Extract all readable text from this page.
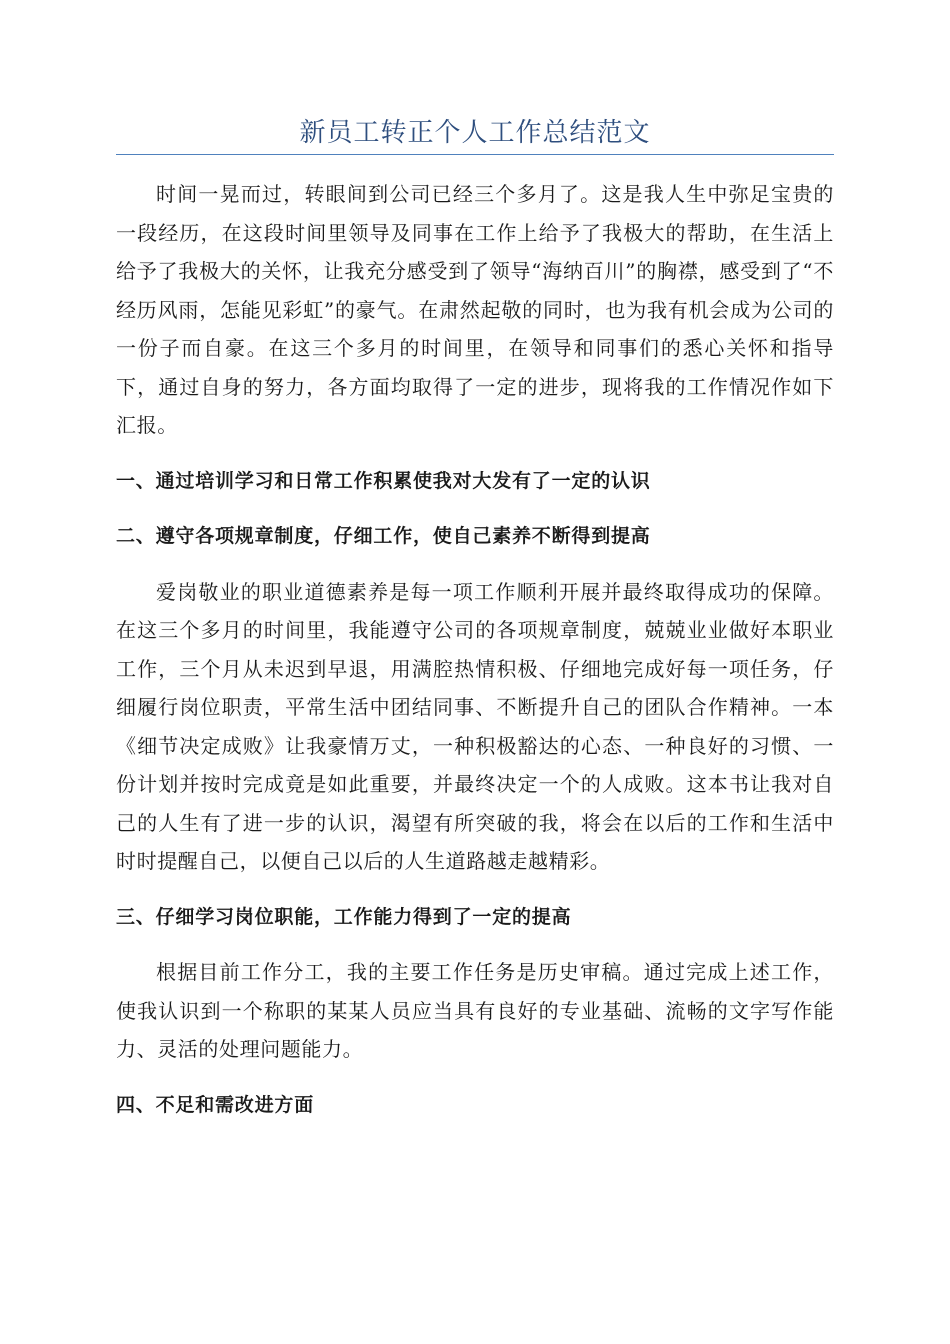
新员工转正个人工作总结范文

时间一晃而过，转眼间到公司已经三个多月了。这是我人生中弥足宝贵的一段经历，在这段时间里领导及同事在工作上给予了我极大的帮助，在生活上给予了我极大的关怀，让我充分感受到了领导“海纳百川”的胸襟，感受到了“不经历风雨，怎能见彩虹”的豪气。在肃然起敬的同时，也为我有机会成为公司的一份子而自豪。在这三个多月的时间里，在领导和同事们的悉心关怀和指导下，通过自身的努力，各方面均取得了一定的进步，现将我的工作情况作如下汇报。

一、通过培训学习和日常工作积累使我对大发有了一定的认识

二、遵守各项规章制度，仔细工作，使自己素养不断得到提高

爱岗敬业的职业道德素养是每一项工作顺利开展并最终取得成功的保障。在这三个多月的时间里，我能遵守公司的各项规章制度，兢兢业业做好本职业工作，三个月从未迟到早退，用满腔热情积极、仔细地完成好每一项任务，仔细履行岗位职责，平常生活中团结同事、不断提升自己的团队合作精神。一本《细节决定成败》让我豪情万丈，一种积极豁达的心态、一种良好的习惯、一份计划并按时完成竟是如此重要，并最终决定一个的人成败。这本书让我对自己的人生有了进一步的认识，渴望有所突破的我，将会在以后的工作和生活中时时提醒自己，以便自己以后的人生道路越走越精彩。

三、仔细学习岗位职能，工作能力得到了一定的提高

根据目前工作分工，我的主要工作任务是历史审稿。通过完成上述工作，使我认识到一个称职的某某人员应当具有良好的专业基础、流畅的文字写作能力、灵活的处理问题能力。

四、不足和需改进方面
